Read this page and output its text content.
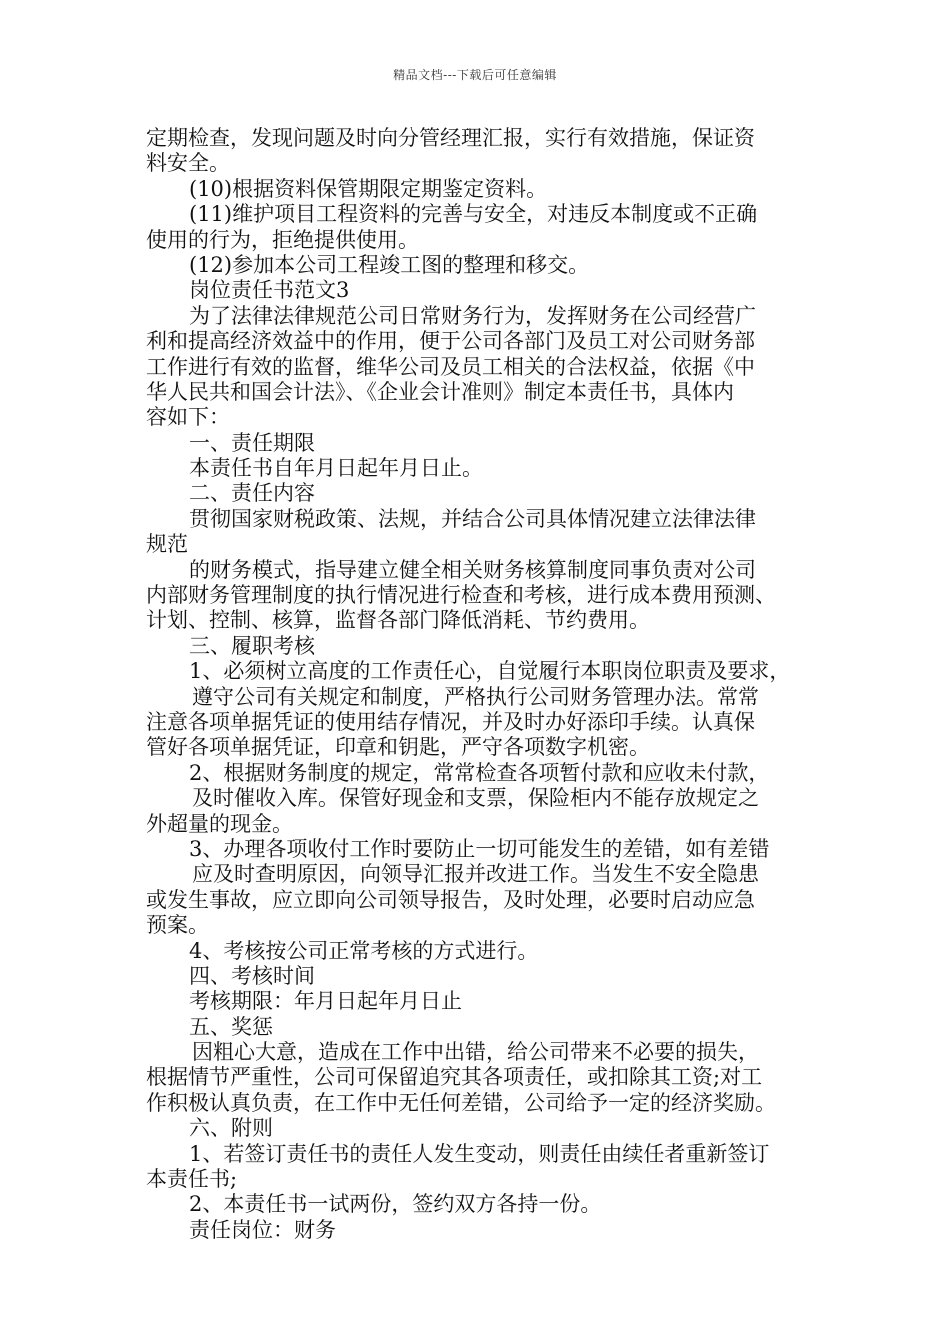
精品文档---下载后可任意编辑
定期检查，发现问题及时向分管经理汇报，实行有效措施，保证资
料安全。
(10)根据资料保管期限定期鉴定资料。
(11)维护项目工程资料的完善与安全，对违反本制度或不正确
使用的行为，拒绝提供使用。
(12)参加本公司工程竣工图的整理和移交。
岗位责任书范文3
为了法律法律规范公司日常财务行为，发挥财务在公司经营广
利和提高经济效益中的作用，便于公司各部门及员工对公司财务部
工作进行有效的监督，维华公司及员工相关的合法权益，依据《中
华人民共和国会计法》、《企业会计准则》制定本责任书，具体内
容如下：
一、责任期限
本责任书自年月日起年月日止。
二、责任内容
贯彻国家财税政策、法规，并结合公司具体情况建立法律法律
规范
的财务模式，指导建立健全相关财务核算制度同事负责对公司
内部财务管理制度的执行情况进行检查和考核，进行成本费用预测、
计划、控制、核算，监督各部门降低消耗、节约费用。
三、履职考核
1、必须树立高度的工作责任心，自觉履行本职岗位职责及要求，
遵守公司有关规定和制度，严格执行公司财务管理办法。常常
注意各项单据凭证的使用结存情况，并及时办好添印手续。认真保
管好各项单据凭证，印章和钥匙，严守各项数字机密。
2、根据财务制度的规定，常常检查各项暂付款和应收未付款，
及时催收入库。保管好现金和支票，保险柜内不能存放规定之
外超量的现金。
3、办理各项收付工作时要防止一切可能发生的差错，如有差错
应及时查明原因，向领导汇报并改进工作。当发生不安全隐患
或发生事故，应立即向公司领导报告，及时处理，必要时启动应急
预案。
4、考核按公司正常考核的方式进行。
四、考核时间
考核期限：年月日起年月日止
五、奖惩
因粗心大意，造成在工作中出错，给公司带来不必要的损失，
根据情节严重性，公司可保留追究其各项责任，或扣除其工资;对工
作积极认真负责，在工作中无任何差错，公司给予一定的经济奖励。
六、附则
1、若签订责任书的责任人发生变动，则责任由续任者重新签订
本责任书;
2、本责任书一试两份，签约双方各持一份。
责任岗位：财务
